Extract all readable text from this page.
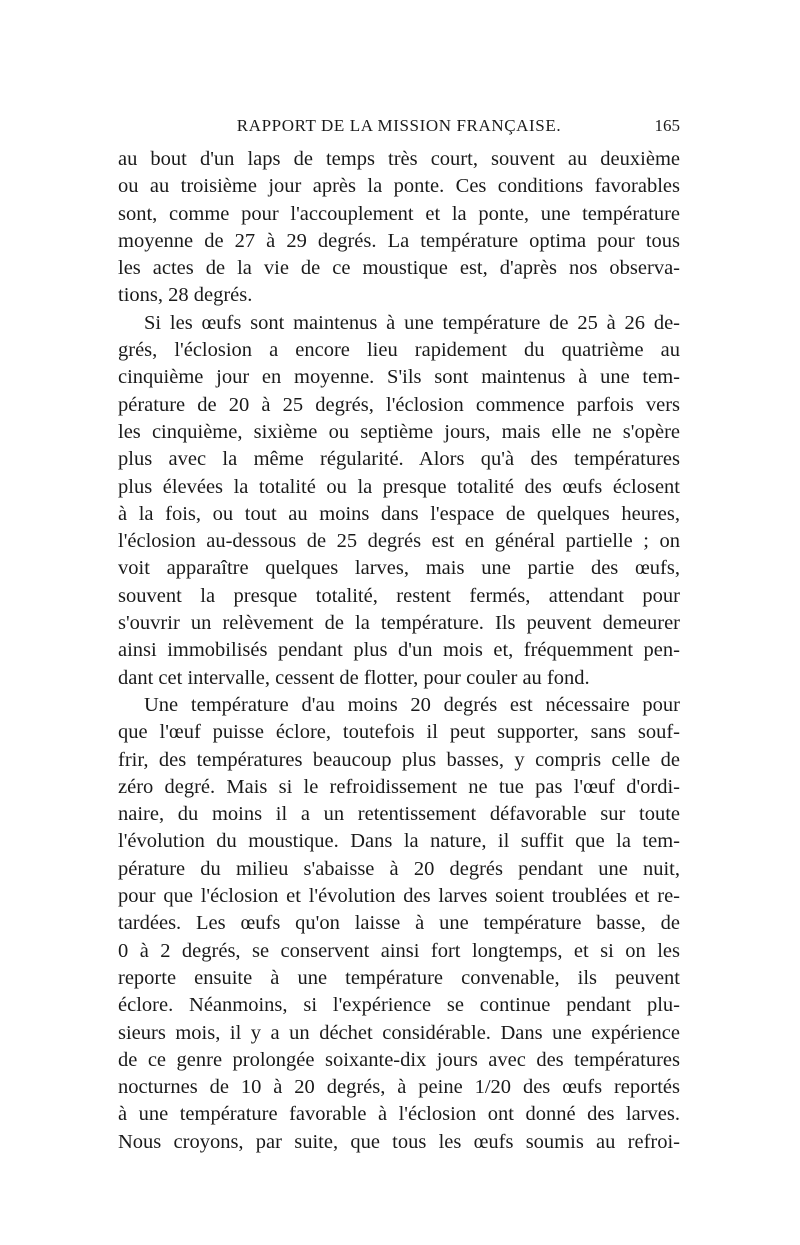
RAPPORT DE LA MISSION FRANÇAISE.	165
au bout d'un laps de temps très court, souvent au deuxième
ou au troisième jour après la ponte. Ces conditions favorables
sont, comme pour l'accouplement et la ponte, une température
moyenne de 27 à 29 degrés. La température optima pour tous
les actes de la vie de ce moustique est, d'après nos observa-
tions, 28 degrés.
Si les œufs sont maintenus à une température de 25 à 26 de-
grés, l'éclosion a encore lieu rapidement du quatrième au
cinquième jour en moyenne. S'ils sont maintenus à une tem-
pérature de 20 à 25 degrés, l'éclosion commence parfois vers
les cinquième, sixième ou septième jours, mais elle ne s'opère
plus avec la même régularité. Alors qu'à des températures
plus élevées la totalité ou la presque totalité des œufs éclosent
à la fois, ou tout au moins dans l'espace de quelques heures,
l'éclosion au-dessous de 25 degrés est en général partielle ; on
voit apparaître quelques larves, mais une partie des œufs,
souvent la presque totalité, restent fermés, attendant pour
s'ouvrir un relèvement de la température. Ils peuvent demeurer
ainsi immobilisés pendant plus d'un mois et, fréquemment pen-
dant cet intervalle, cessent de flotter, pour couler au fond.
Une température d'au moins 20 degrés est nécessaire pour
que l'œuf puisse éclore, toutefois il peut supporter, sans souf-
frir, des températures beaucoup plus basses, y compris celle de
zéro degré. Mais si le refroidissement ne tue pas l'œuf d'ordi-
naire, du moins il a un retentissement défavorable sur toute
l'évolution du moustique. Dans la nature, il suffit que la tem-
pérature du milieu s'abaisse à 20 degrés pendant une nuit,
pour que l'éclosion et l'évolution des larves soient troublées et re-
tardées. Les œufs qu'on laisse à une température basse, de
0 à 2 degrés, se conservent ainsi fort longtemps, et si on les
reporte ensuite à une température convenable, ils peuvent
éclore. Néanmoins, si l'expérience se continue pendant plu-
sieurs mois, il y a un déchet considérable. Dans une expérience
de ce genre prolongée soixante-dix jours avec des températures
nocturnes de 10 à 20 degrés, à peine 1/20 des œufs reportés
à une température favorable à l'éclosion ont donné des larves.
Nous croyons, par suite, que tous les œufs soumis au refroi-
